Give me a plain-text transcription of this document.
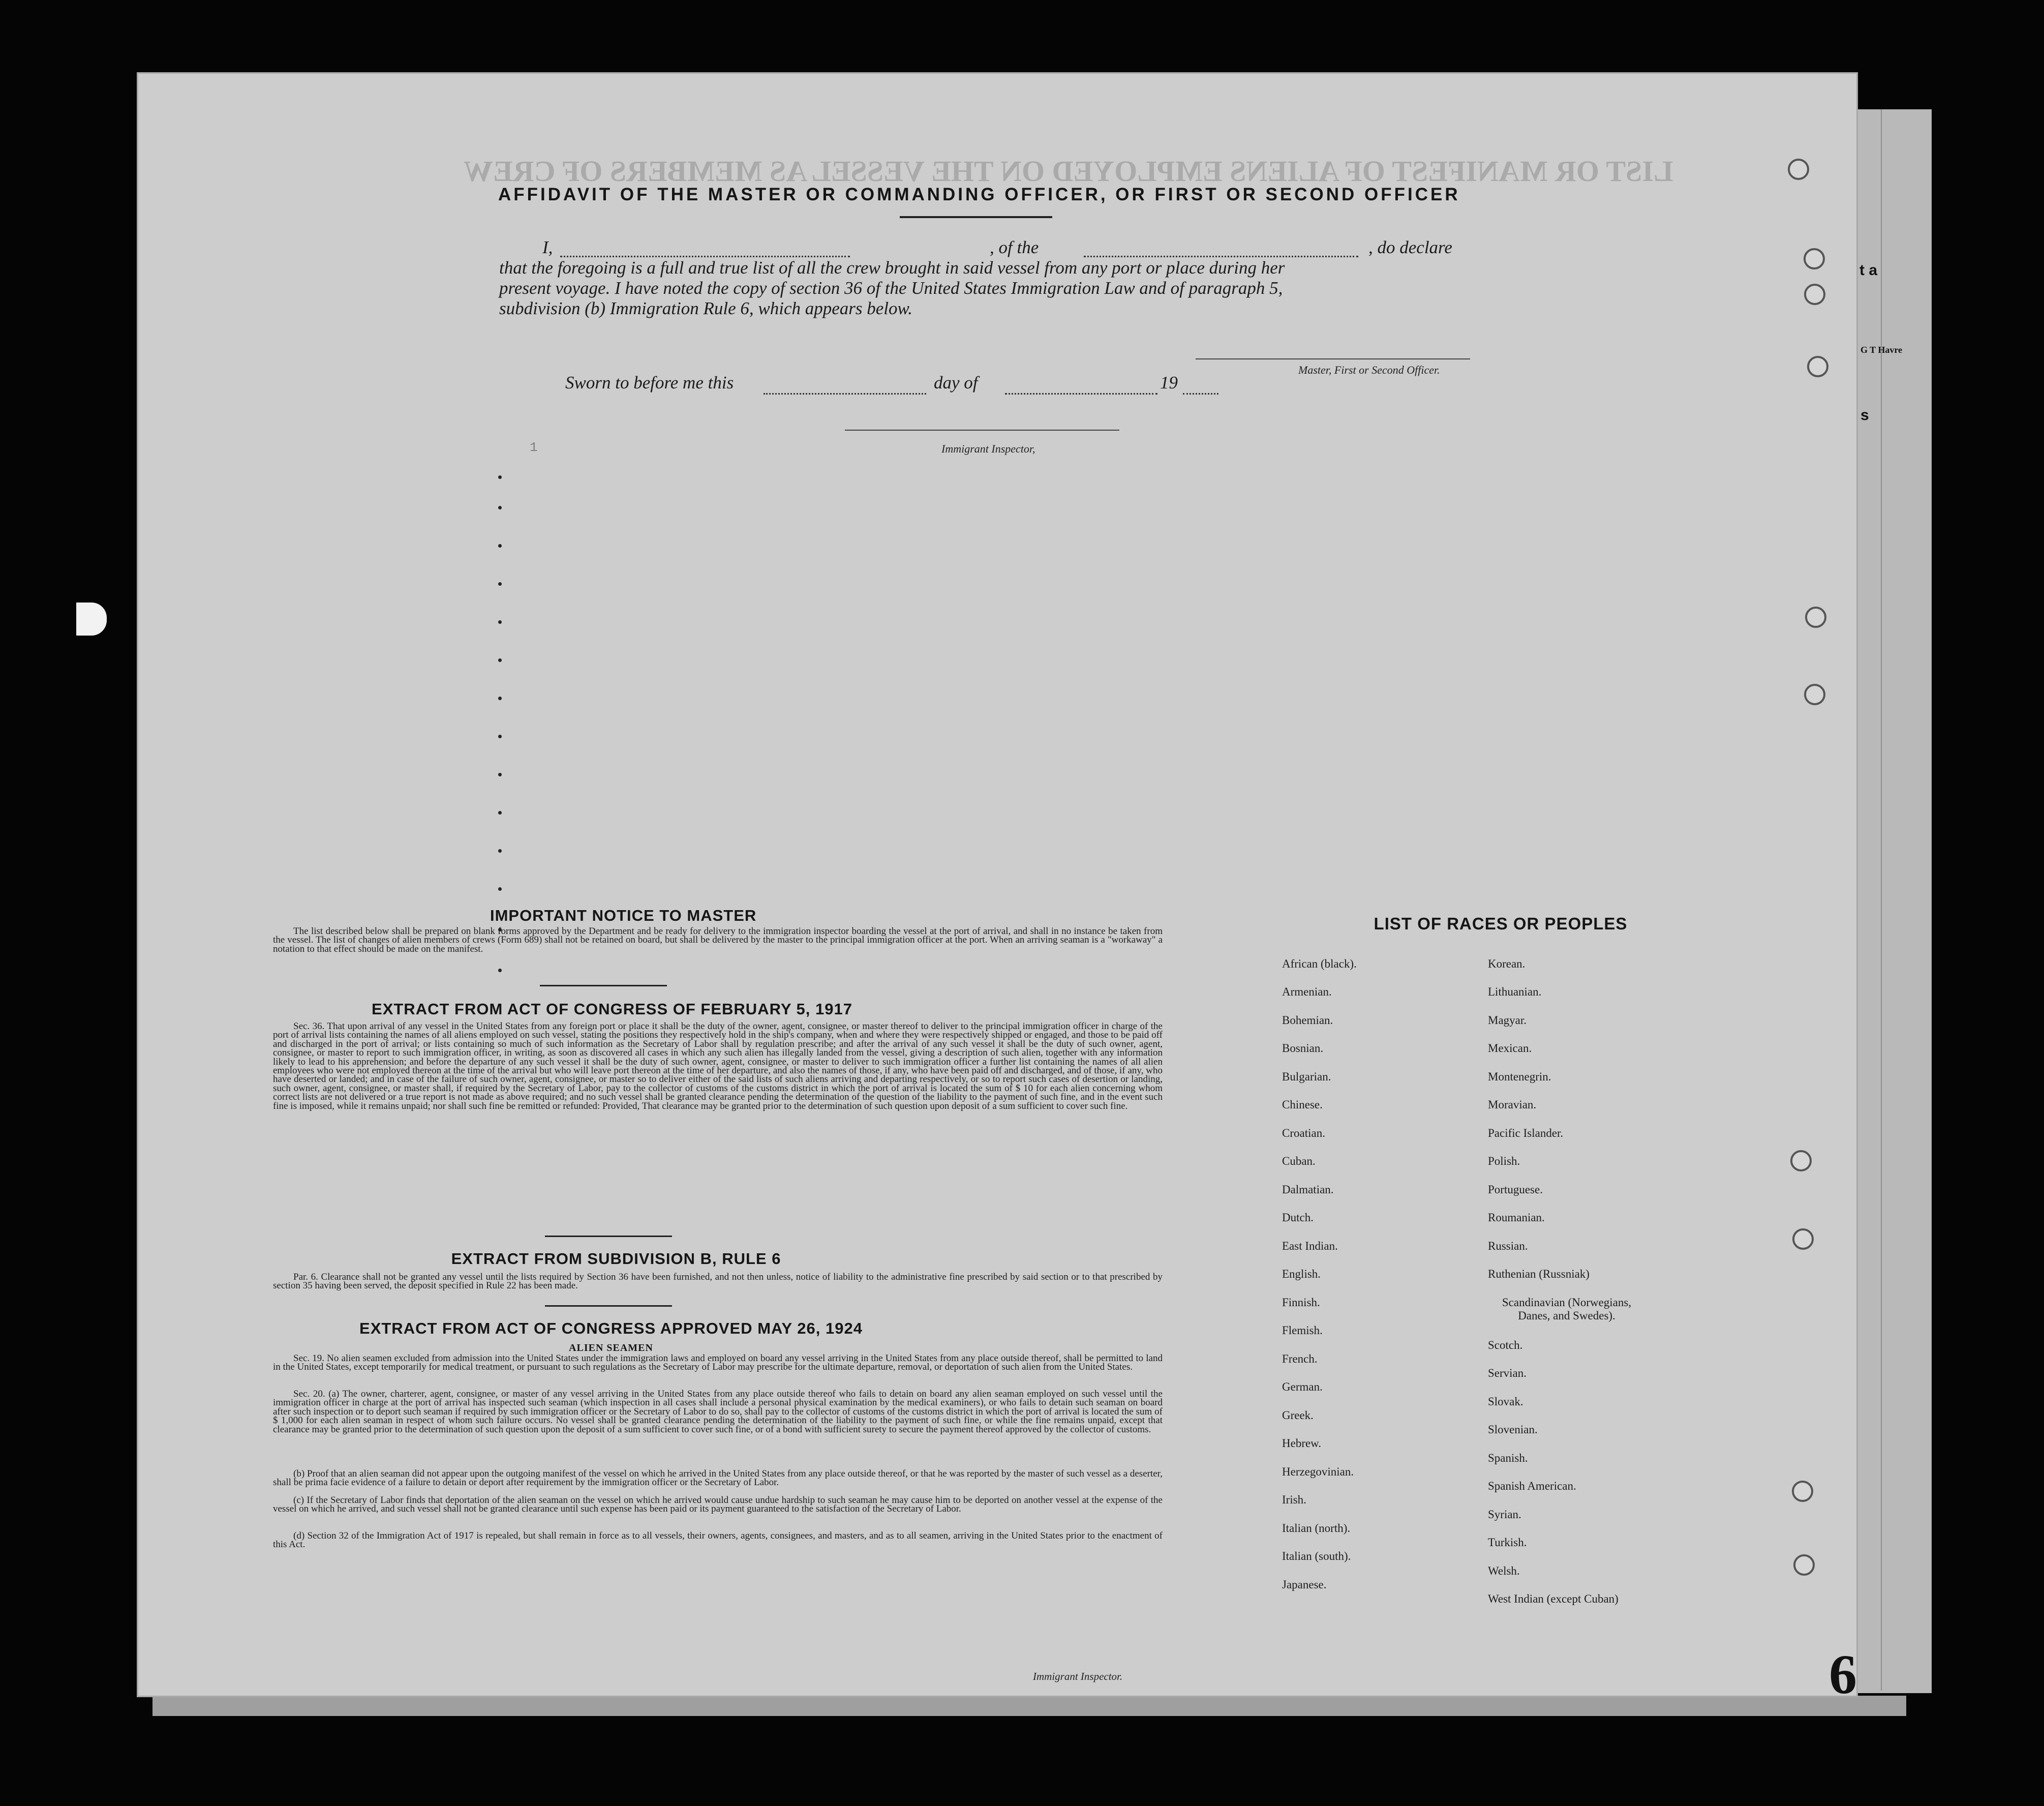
LIST OR MANIFEST OF ALIENS EMPLOYED ON THE VESSEL AS MEMBERS OF CREW
1
AFFIDAVIT OF THE MASTER OR COMMANDING OFFICER, OR FIRST OR SECOND OFFICER
I,	, of the	, do declare
that the foregoing is a full and true list of all the crew brought in said vessel from any port or place during her
present voyage. I have noted the copy of section 36 of the United States Immigration Law and of paragraph 5,
subdivision (b) Immigration Rule 6, which appears below.
Master, First or Second Officer.
Sworn to before me this	day of	19
Immigrant Inspector,
IMPORTANT NOTICE TO MASTER
The list described below shall be prepared on blank forms approved by the Department and be ready for delivery to the immigration inspector boarding the vessel at the port of arrival, and shall in no instance be taken from the vessel. The list of changes of alien members of crews (Form 689) shall not be retained on board, but shall be delivered by the master to the principal immigration officer at the port. When an arriving seaman is a "workaway" a notation to that effect should be made on the manifest.
EXTRACT FROM ACT OF CONGRESS OF FEBRUARY 5, 1917
Sec. 36. That upon arrival of any vessel in the United States from any foreign port or place it shall be the duty of the owner, agent, consignee, or master thereof to deliver to the principal immigration officer in charge of the port of arrival lists containing the names of all aliens employed on such vessel, stating the positions they respectively hold in the ship's company, when and where they were respectively shipped or engaged, and those to be paid off and discharged in the port of arrival; or lists containing so much of such information as the Secretary of Labor shall by regulation prescribe; and after the arrival of any such vessel it shall be the duty of such owner, agent, consignee, or master to report to such immigration officer, in writing, as soon as discovered all cases in which any such alien has illegally landed from the vessel, giving a description of such alien, together with any information likely to lead to his apprehension; and before the departure of any such vessel it shall be the duty of such owner, agent, consignee, or master to deliver to such immigration officer a further list containing the names of all alien employees who were not employed thereon at the time of the arrival but who will leave port thereon at the time of her departure, and also the names of those, if any, who have been paid off and discharged, and of those, if any, who have deserted or landed; and in case of the failure of such owner, agent, consignee, or master so to deliver either of the said lists of such aliens arriving and departing respectively, or so to report such cases of desertion or landing, such owner, agent, consignee, or master shall, if required by the Secretary of Labor, pay to the collector of customs of the customs district in which the port of arrival is located the sum of $ 10 for each alien concerning whom correct lists are not delivered or a true report is not made as above required; and no such vessel shall be granted clearance pending the determination of the question of the liability to the payment of such fine, and in the event such fine is imposed, while it remains unpaid; nor shall such fine be remitted or refunded: Provided, That clearance may be granted prior to the determination of such question upon deposit of a sum sufficient to cover such fine.
EXTRACT FROM SUBDIVISION B, RULE 6
Par. 6. Clearance shall not be granted any vessel until the lists required by Section 36 have been furnished, and not then unless, notice of liability to the administrative fine prescribed by said section or to that prescribed by section 35 having been served, the deposit specified in Rule 22 has been made.
EXTRACT FROM ACT OF CONGRESS APPROVED MAY 26, 1924
ALIEN SEAMEN
Sec. 19. No alien seamen excluded from admission into the United States under the immigration laws and employed on board any vessel arriving in the United States from any place outside thereof, shall be permitted to land in the United States, except temporarily for medical treatment, or pursuant to such regulations as the Secretary of Labor may prescribe for the ultimate departure, removal, or deportation of such alien from the United States.
Sec. 20. (a) The owner, charterer, agent, consignee, or master of any vessel arriving in the United States from any place outside thereof who fails to detain on board any alien seaman employed on such vessel until the immigration officer in charge at the port of arrival has inspected such seaman (which inspection in all cases shall include a personal physical examination by the medical examiners), or who fails to detain such seaman on board after such inspection or to deport such seaman if required by such immigration officer or the Secretary of Labor to do so, shall pay to the collector of customs of the customs district in which the port of arrival is located the sum of $ 1,000 for each alien seaman in respect of whom such failure occurs. No vessel shall be granted clearance pending the determination of the liability to the payment of such fine, or while the fine remains unpaid, except that clearance may be granted prior to the determination of such question upon the deposit of a sum sufficient to cover such fine, or of a bond with sufficient surety to secure the payment thereof approved by the collector of customs.
(b) Proof that an alien seaman did not appear upon the outgoing manifest of the vessel on which he arrived in the United States from any place outside thereof, or that he was reported by the master of such vessel as a deserter, shall be prima facie evidence of a failure to detain or deport after requirement by the immigration officer or the Secretary of Labor.
(c) If the Secretary of Labor finds that deportation of the alien seaman on the vessel on which he arrived would cause undue hardship to such seaman he may cause him to be deported on another vessel at the expense of the vessel on which he arrived, and such vessel shall not be granted clearance until such expense has been paid or its payment guaranteed to the satisfaction of the Secretary of Labor.
(d) Section 32 of the Immigration Act of 1917 is repealed, but shall remain in force as to all vessels, their owners, agents, consignees, and masters, and as to all seamen, arriving in the United States prior to the enactment of this Act.
LIST OF RACES OR PEOPLES
African (black).
Armenian.
Bohemian.
Bosnian.
Bulgarian.
Chinese.
Croatian.
Cuban.
Dalmatian.
Dutch.
East Indian.
English.
Finnish.
Flemish.
French.
German.
Greek.
Hebrew.
Herzegovinian.
Irish.
Italian (north).
Italian (south).
Japanese.
Korean.
Lithuanian.
Magyar.
Mexican.
Montenegrin.
Moravian.
Pacific Islander.
Polish.
Portuguese.
Roumanian.
Russian.
Ruthenian (Russniak)
Scandinavian (Norwegians, Danes, and Swedes).
Scotch.
Servian.
Slovak.
Slovenian.
Spanish.
Spanish American.
Syrian.
Turkish.
Welsh.
West Indian (except Cuban)
Immigrant Inspector.
t a
s
G T Havre
6
